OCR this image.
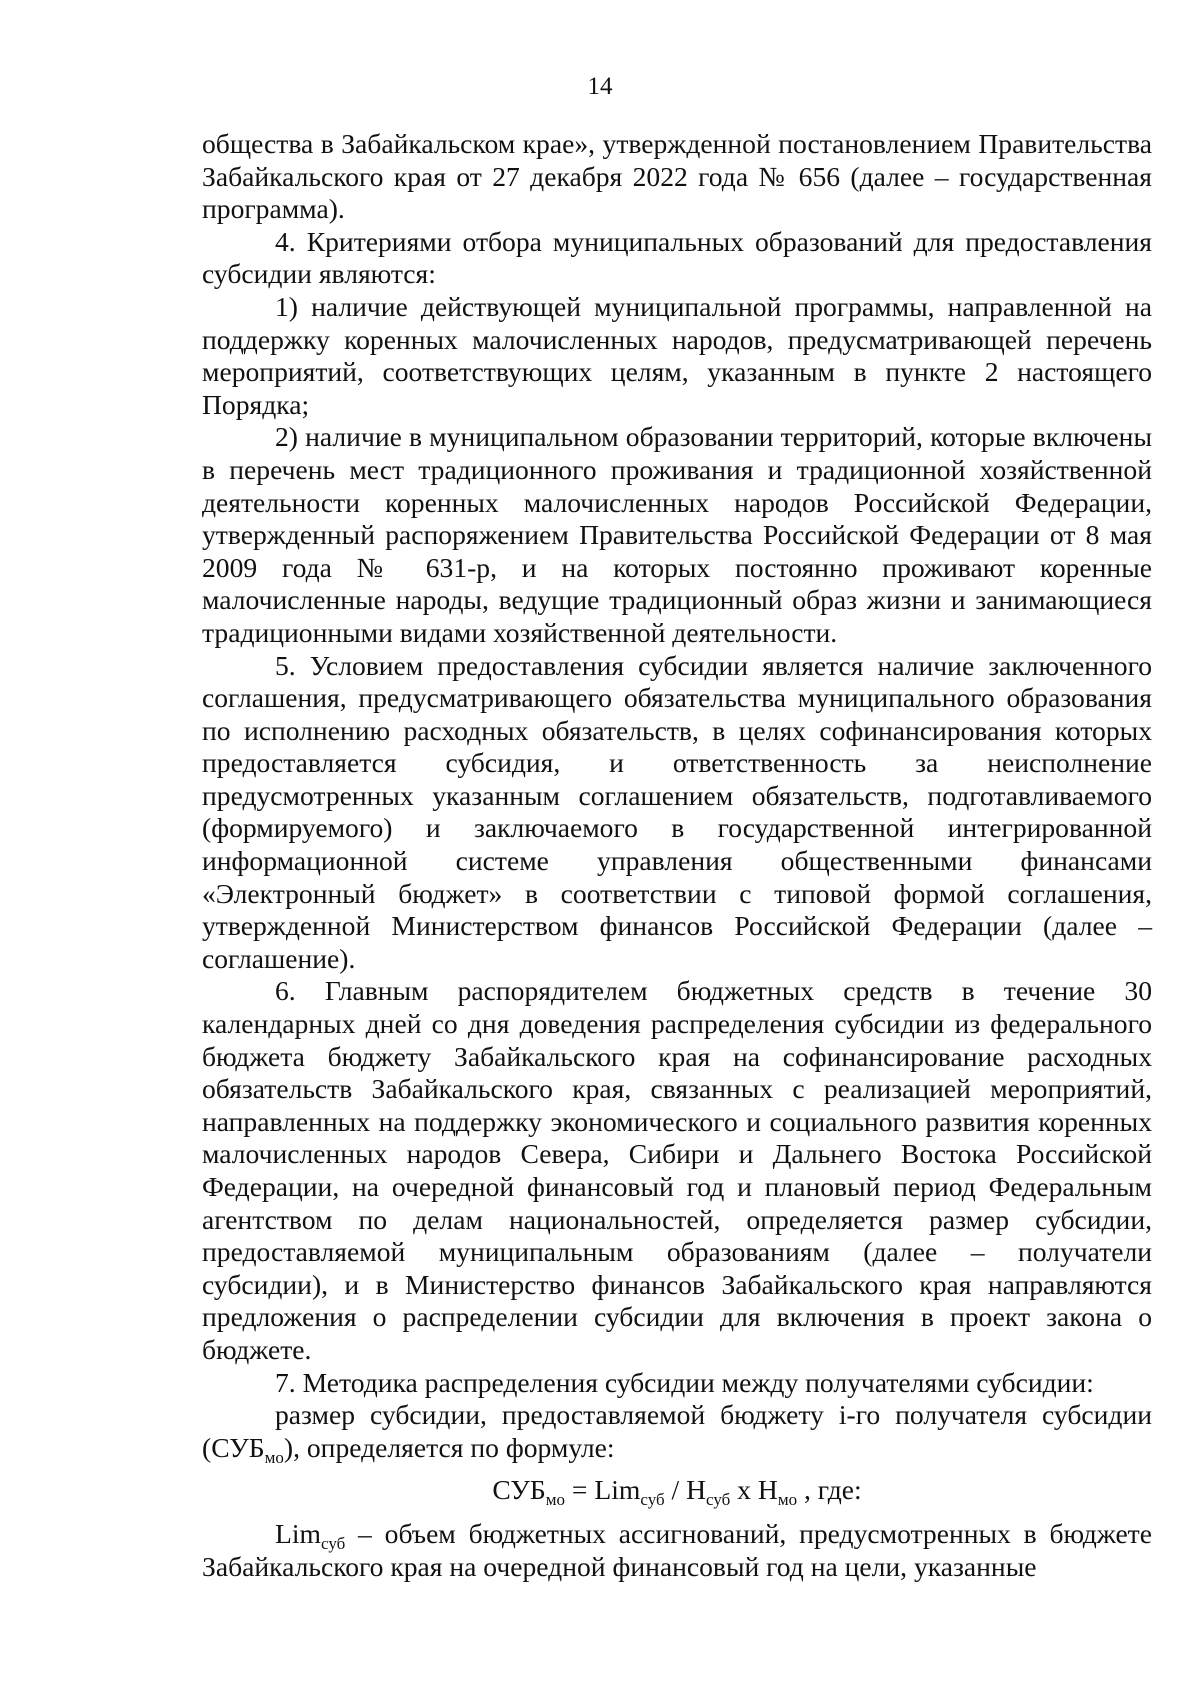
14

общества в Забайкальском крае», утвержденной постановлением Правительства Забайкальского края от 27 декабря 2022 года № 656 (далее – государственная программа).

4. Критериями отбора муниципальных образований для предоставления субсидии являются:

1) наличие действующей муниципальной программы, направленной на поддержку коренных малочисленных народов, предусматривающей перечень мероприятий, соответствующих целям, указанным в пункте 2 настоящего Порядка;

2) наличие в муниципальном образовании территорий, которые включены в перечень мест традиционного проживания и традиционной хозяйственной деятельности коренных малочисленных народов Российской Федерации, утвержденный распоряжением Правительства Российской Федерации от 8 мая 2009 года № 631-р, и на которых постоянно проживают коренные малочисленные народы, ведущие традиционный образ жизни и занимающиеся традиционными видами хозяйственной деятельности.

5. Условием предоставления субсидии является наличие заключенного соглашения, предусматривающего обязательства муниципального образования по исполнению расходных обязательств, в целях софинансирования которых предоставляется субсидия, и ответственность за неисполнение предусмотренных указанным соглашением обязательств, подготавливаемого (формируемого) и заключаемого в государственной интегрированной информационной системе управления общественными финансами «Электронный бюджет» в соответствии с типовой формой соглашения, утвержденной Министерством финансов Российской Федерации (далее – соглашение).

6. Главным распорядителем бюджетных средств в течение 30 календарных дней со дня доведения распределения субсидии из федерального бюджета бюджету Забайкальского края на софинансирование расходных обязательств Забайкальского края, связанных с реализацией мероприятий, направленных на поддержку экономического и социального развития коренных малочисленных народов Севера, Сибири и Дальнего Востока Российской Федерации, на очередной финансовый год и плановый период Федеральным агентством по делам национальностей, определяется размер субсидии, предоставляемой муниципальным образованиям (далее – получатели субсидии), и в Министерство финансов Забайкальского края направляются предложения о распределении субсидии для включения в проект закона о бюджете.

7. Методика распределения субсидии между получателями субсидии:

размер субсидии, предоставляемой бюджету i-го получателя субсидии $(СУБ_{мо})$, определяется по формуле:

$СУБ_{мо} = Lim_{суб} / Н_{суб}$ х $Н_{мо}$ , где:

Lim$_{суб}$ – объем бюджетных ассигнований, предусмотренных в бюджете Забайкальского края на очередной финансовый год на цели, указанные
